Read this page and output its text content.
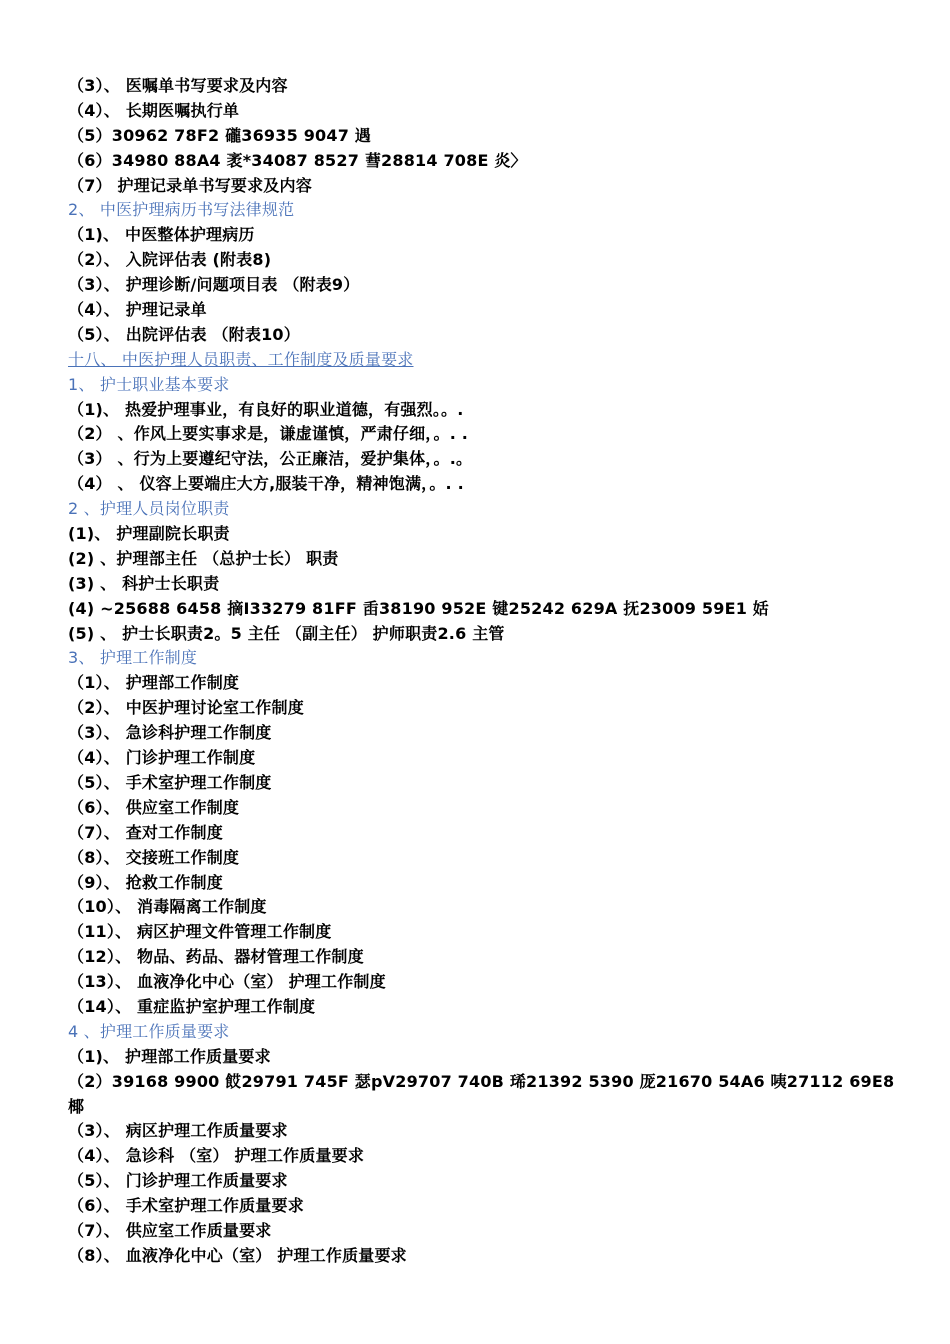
（3）、 医嘱单书写要求及内容
（4）、 长期医嘱执行单
（5）30962 78F2 礲36935 9047 遇
（6）34980 88A4 袤*34087 8527 蔧28814 708E 炎〉
（7） 护理记录单书写要求及内容
2、 中医护理病历书写法律规范
（1)、 中医整体护理病历
（2）、 入院评估表 (附表8)
（3）、 护理诊断/问题项目表 （附表9）
（4）、 护理记录单
（5）、 出院评估表 （附表10）
十八、 中医护理人员职责、工作制度及质量要求
1、 护士职业基本要求
（1)、 热爱护理事业，有良好的职业道德，有强烈。。.
（2） 、作风上要实事求是，谦虚谨慎，严肃仔细，。. .
（3） 、行为上要遵纪守法，公正廉洁，爱护集体，。.。
（4） 、 仪容上要端庄大方,服装干净，精神饱满，。. .
2 、护理人员岗位职责
(1)、 护理副院长职责
(2) 、护理部主任 （总护士长） 职责
(3) 、 科护士长职责
(4) ~25688 6458 摘I33279 81FF 臿38190 952E 键25242 629A 抚23009 59E1 姡
(5) 、 护士长职责2。5 主任 （副主任） 护师职责2.6 主管
3、 护理工作制度
（1）、 护理部工作制度
（2）、 中医护理讨论室工作制度
（3）、 急诊科护理工作制度
（4）、 门诊护理工作制度
（5）、 手术室护理工作制度
（6）、 供应室工作制度
（7）、 查对工作制度
（8）、 交接班工作制度
（9）、 抢救工作制度
（10）、 消毒隔离工作制度
（11）、 病区护理文件管理工作制度
（12）、 物品、药品、器材管理工作制度
（13）、 血液净化中心（室） 护理工作制度
（14）、 重症监护室护理工作制度
4 、护理工作质量要求
（1)、 护理部工作质量要求
（2）39168 9900 餀29791 745F 瑟pV29707 740B 琋21392 5390 厐21670 54A6 咦27112 69E8
椰
（3）、 病区护理工作质量要求
（4）、 急诊科 （室） 护理工作质量要求
（5）、 门诊护理工作质量要求
（6）、 手术室护理工作质量要求
（7）、 供应室工作质量要求
（8）、 血液净化中心（室） 护理工作质量要求
